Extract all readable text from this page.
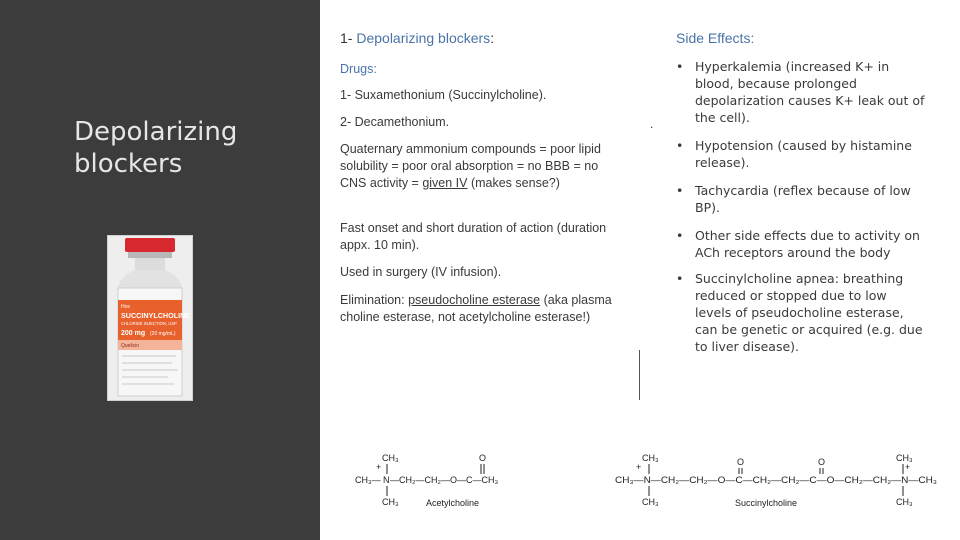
Depolarizing
blockers
Hos
SUCCINYLCHOLINE
CHLORIDE INJECTION, USP
200 mg (20 mg/mL)
Quelicin
1- Depolarizing blockers:
Drugs:
1- Suxamethonium (Succinylcholine).
2- Decamethonium.
Quaternary ammonium compounds = poor lipid solubility = poor oral absorption = no BBB = no CNS activity = given IV (makes sense?)
Fast onset and short duration of action (duration appx. 10 min).
Used in surgery (IV infusion).
Elimination: pseudocholine esterase (aka plasma choline esterase, not acetylcholine esterase!)
Side Effects:
.
• Hyperkalemia (increased K+ in blood, because prolonged depolarization causes K+ leak out of the cell).
• Hypotension (caused by histamine release).
• Tachycardia (reflex because of low BP).
• Other side effects due to activity on ACh receptors around the body
• Succinylcholine apnea: breathing reduced or stopped due to low levels of pseudocholine esterase, can be genetic or acquired (e.g. due to liver disease).
CH₃
+
CH₃— N —CH₂—CH₂—O—C—CH₃
O
CH₃	Acetylcholine
CH₃
+	O	O	CH₃
+
CH₃—N—CH₂—CH₂—O—C—CH₂—CH₂—C—O—CH₂—CH₂—N—CH₃
CH₃	CH₃
Succinylcholine
